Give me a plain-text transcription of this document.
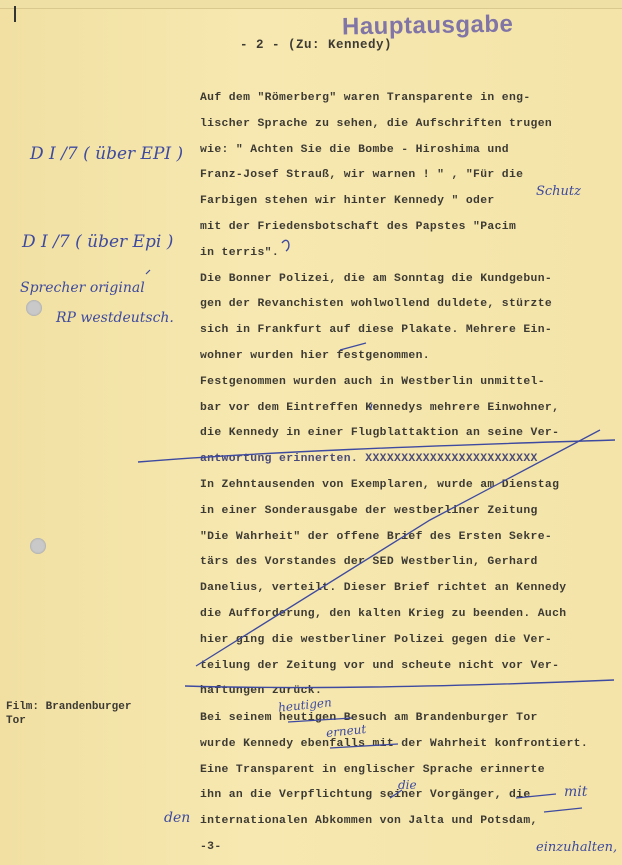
Hauptausgabe
- 2 - (Zu: Kennedy)
Auf dem "Römerberg" waren Transparente in eng-
lischer Sprache zu sehen, die Aufschriften trugen
wie: " Achten Sie die Bombe - Hiroshima und
Franz-Josef Strauß, wir warnen ! " , "Für die
Farbigen stehen wir hinter Kennedy " oder
mit der Friedensbotschaft des Papstes "Pacim
in terris".
Die Bonner Polizei, die am Sonntag die Kundgebun-
gen der Revanchisten wohlwollend duldete, stürzte
sich in Frankfurt auf diese Plakate. Mehrere Ein-
wohner wurden hier festgenommen.
Festgenommen wurden auch in Westberlin unmittel-
bar vor dem Eintreffen Kennedys mehrere Einwohner,
die Kennedy in einer Flugblattaktion an seine Ver-
antwortung erinnerten. XXXXXXXXXXXXXXXXXXXXXXXX
In Zehntausenden von Exemplaren, wurde am Dienstag
in einer Sonderausgabe der westberliner Zeitung
"Die Wahrheit" der offene Brief des Ersten Sekre-
tärs des Vorstandes der SED Westberlin, Gerhard
Danelius, verteilt. Dieser Brief richtet an Kennedy
die Aufforderung, den kalten Krieg zu beenden. Auch
hier ging die westberliner Polizei gegen die Ver-
teilung der Zeitung vor und scheute nicht vor Ver-
haftungen zurück.
Film: Brandenburger
Tor	Bei seinem heutigen Besuch am Brandenburger Tor
wurde Kennedy ebenfalls mit der Wahrheit konfrontiert.
Eine Transparent in englischer Sprache erinnerte
ihn an die Verpflichtung seiner Vorgänger, die
internationalen Abkommen von Jalta und Potsdam,
-3-
D I /7 ( über EPI )
D I /7 ( über Epi )
Sprecher original
RP westdeutsch.
Schutz
heutigen
erneut
die	mit
den
einzuhalten,
